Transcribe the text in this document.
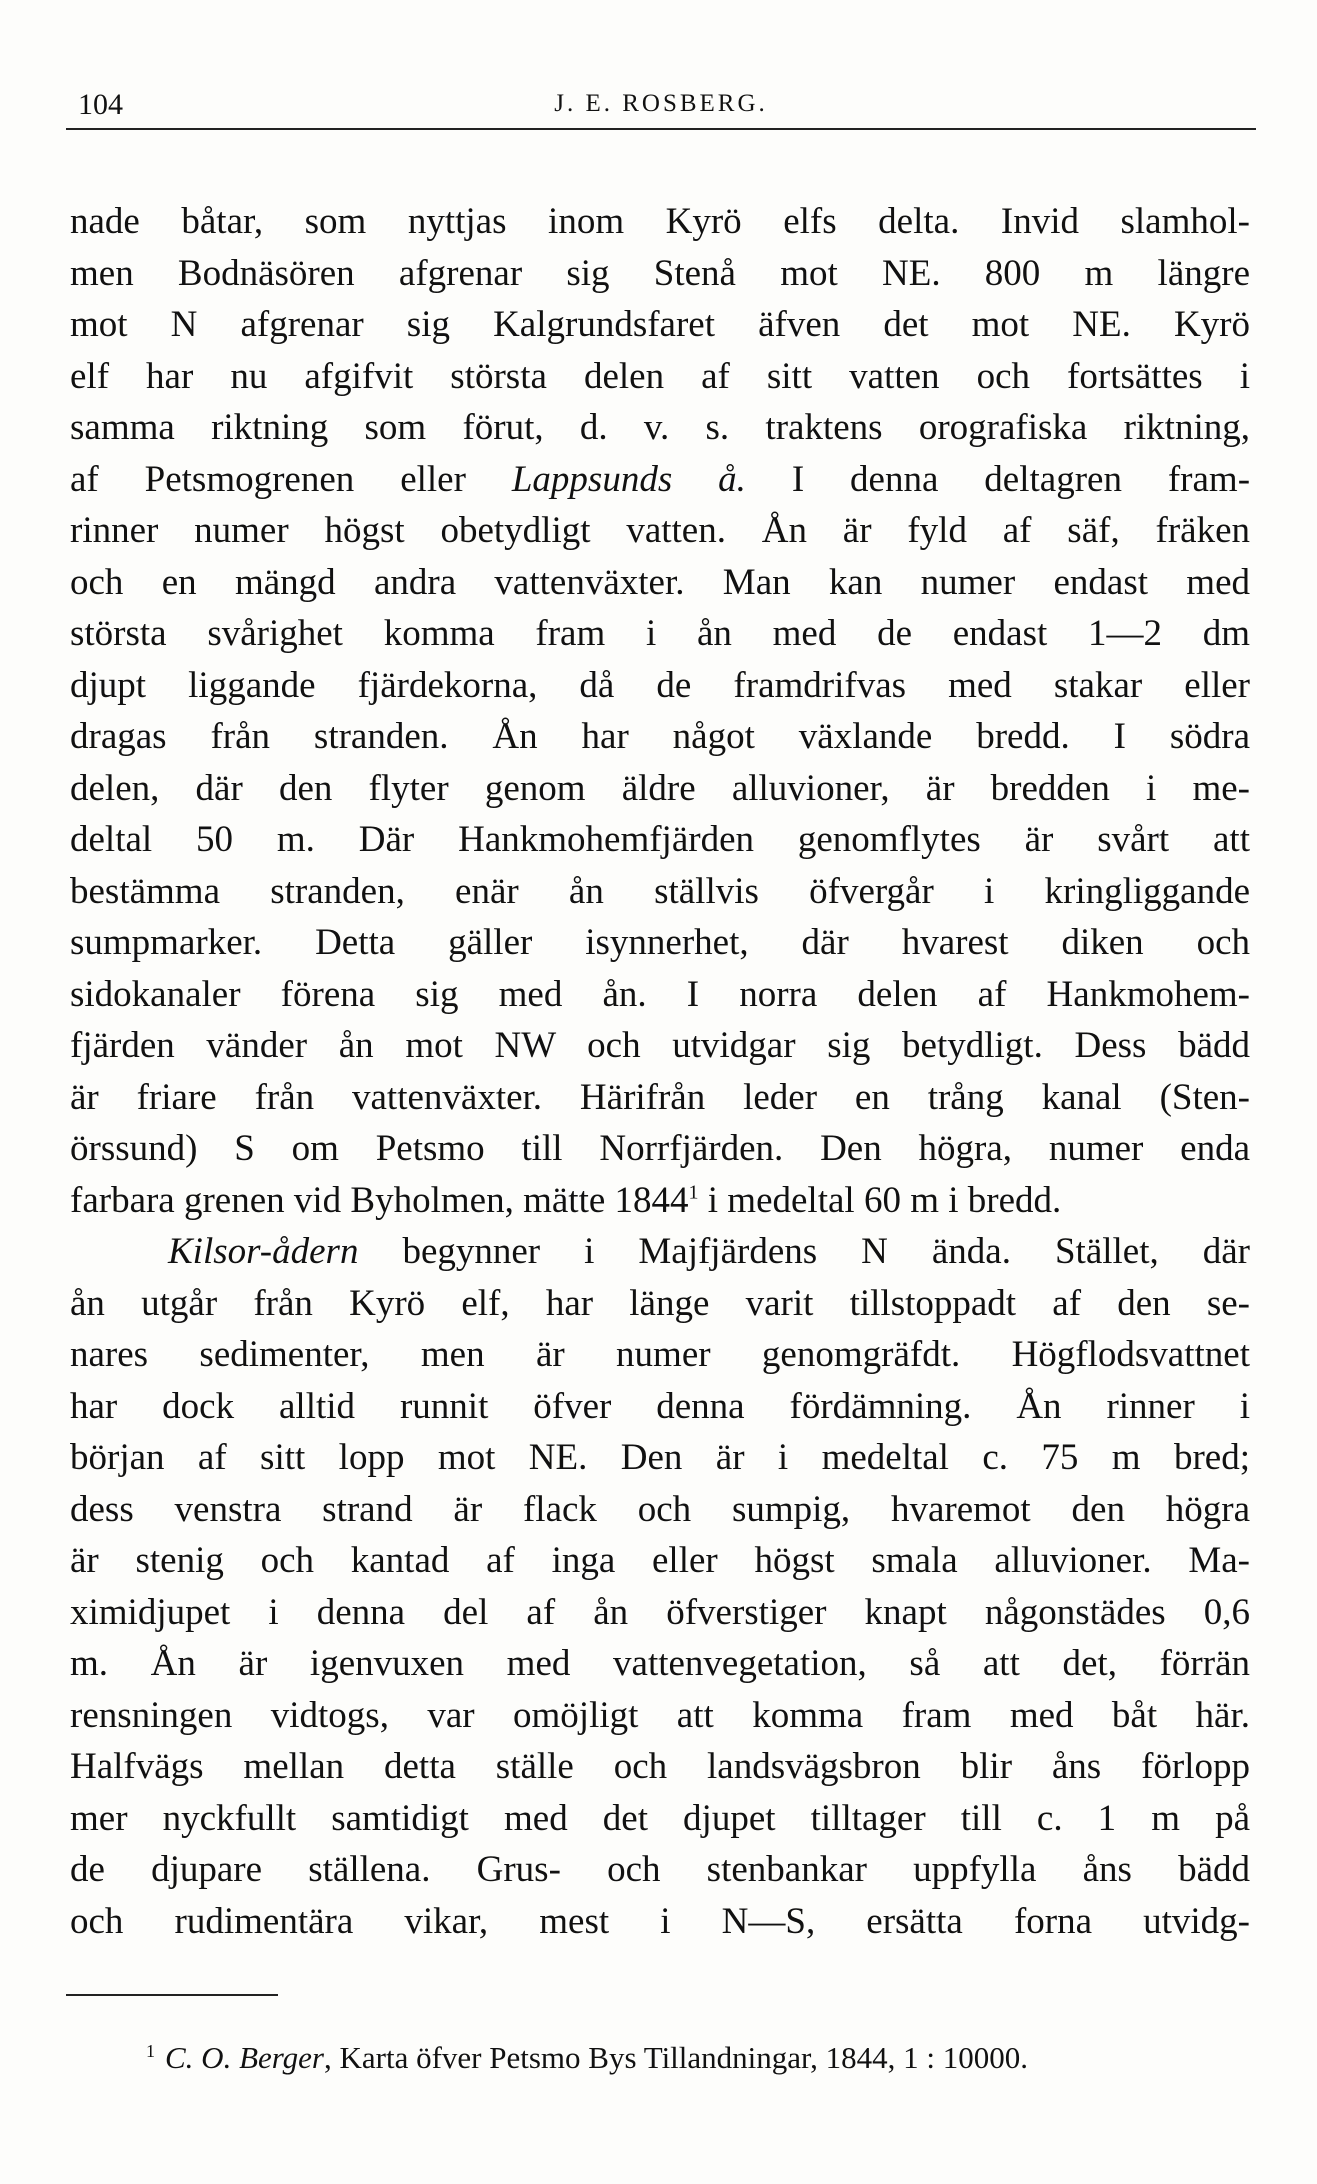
104	J. E. ROSBERG.
nade båtar, som nyttjas inom Kyrö elfs delta. Invid slamhol-
men Bodnäsören afgrenar sig Stenå mot NE. 800 m längre
mot N afgrenar sig Kalgrundsfaret äfven det mot NE. Kyrö
elf har nu afgifvit största delen af sitt vatten och fortsättes i
samma riktning som förut, d. v. s. traktens orografiska riktning,
af Petsmogrenen eller Lappsunds å. I denna deltagren fram-
rinner numer högst obetydligt vatten. Ån är fyld af säf, fräken
och en mängd andra vattenväxter. Man kan numer endast med
största svårighet komma fram i ån med de endast 1—2 dm
djupt liggande fjärdekorna, då de framdrifvas med stakar eller
dragas från stranden. Ån har något växlande bredd. I södra
delen, där den flyter genom äldre alluvioner, är bredden i me-
deltal 50 m. Där Hankmohemfjärden genomflytes är svårt att
bestämma stranden, enär ån ställvis öfvergår i kringliggande
sumpmarker. Detta gäller isynnerhet, där hvarest diken och
sidokanaler förena sig med ån. I norra delen af Hankmohem-
fjärden vänder ån mot NW och utvidgar sig betydligt. Dess bädd
är friare från vattenväxter. Härifrån leder en trång kanal (Sten-
örssund) S om Petsmo till Norrfjärden. Den högra, numer enda
farbara grenen vid Byholmen, mätte 1844$^1$ i medeltal 60 m i bredd.
Kilsor-ådern begynner i Majfjärdens N ända. Stället, där
ån utgår från Kyrö elf, har länge varit tillstoppadt af den se-
nares sedimenter, men är numer genomgräfdt. Högflodsvattnet
har dock alltid runnit öfver denna fördämning. Ån rinner i
början af sitt lopp mot NE. Den är i medeltal c. 75 m bred;
dess venstra strand är flack och sumpig, hvaremot den högra
är stenig och kantad af inga eller högst smala alluvioner. Ma-
ximidjupet i denna del af ån öfverstiger knapt någonstädes 0,6
m. Ån är igenvuxen med vattenvegetation, så att det, förrän
rensningen vidtogs, var omöjligt att komma fram med båt här.
Halfvägs mellan detta ställe och landsvägsbron blir åns förlopp
mer nyckfullt samtidigt med det djupet tilltager till c. 1 m på
de djupare ställena. Grus- och stenbankar uppfylla åns bädd
och rudimentära vikar, mest i N—S, ersätta forna utvidg-
$^1$ C. O. Berger, Karta öfver Petsmo Bys Tillandningar, 1844, 1 : 10000.
